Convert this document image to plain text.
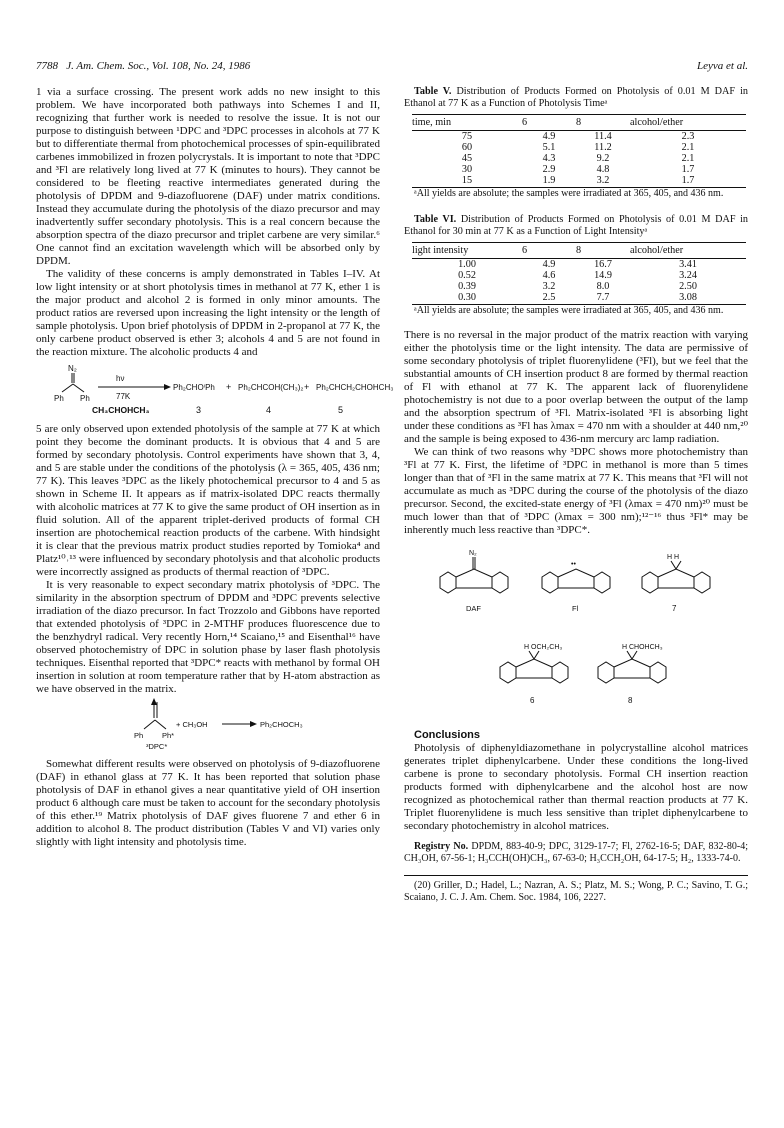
7788 J. Am. Chem. Soc., Vol. 108, No. 24, 1986	Leyva et al.

1 via a surface crossing. The present work adds no new insight to this problem. We have incorporated both pathways into Schemes I and II, recognizing that further work is needed to resolve the issue. It is not our purpose to distinguish between ¹DPC and ³DPC processes in alcohols at 77 K but to differentiate thermal from photochemical processes of spin-equilibrated carbenes immobilized in frozen polycrystals. It is important to note that ³DPC and ³Fl are relatively long lived at 77 K (minutes to hours). They cannot be considered to be fleeting reactive intermediates generated during the photolysis of DPDM and 9-diazofluorene (DAF) under matrix conditions. Instead they accumulate during the photolysis of the diazo precursor and may inadvertently suffer secondary photolysis. This is a real concern because the absorption spectra of the diazo precursor and triplet carbene are very similar.⁶ One cannot find an excitation wavelength which will be absorbed only by DPDM.

The validity of these concerns is amply demonstrated in Tables I–IV. At low light intensity or at short photolysis times in methanol at 77 K, ether 1 is the major product and alcohol 2 is formed in only minor amounts. The product ratios are reversed upon increasing the light intensity or the length of sample photolysis. Upon brief photolysis of DPDM in 2-propanol at 77 K, the only carbene product observed is ether 3; alcohols 4 and 5 are not found in the reaction mixture. The alcoholic products 4 and

N₂
Ph Ph
hν
77K
CH₃CHOHCH₃
Ph₂CHOⁱPh + Ph₂CHCOH(CH₃)₂ + Ph₂CHCH₂CHOHCH₃
3	4	5

5 are only observed upon extended photolysis of the sample at 77 K at which point they become the dominant products. It is obvious that 4 and 5 are formed by secondary photolysis. Control experiments have shown that 3, 4, and 5 are stable under the conditions of the photolysis (λ = 365, 405, 436 nm; 77 K). This leaves ³DPC as the likely photochemical precursor to 4 and 5 as shown in Scheme II. It appears as if matrix-isolated DPC reacts thermally with alcoholic matrices at 77 K to give the same product of OH insertion as in fluid solution. All of the apparent triplet-derived products of formal CH insertion are photochemical reaction products of the carbene. With hindsight it is clear that the previous matrix product studies reported by Tomioka⁴ and Platz¹⁰˒¹³ were influenced by secondary photolysis and that alcoholic products were incorrectly assigned as products of thermal reaction of ³DPC.

It is very reasonable to expect secondary matrix photolysis of ³DPC. The similarity in the absorption spectrum of DPDM and ³DPC prevents selective irradiation of the diazo precursor. In fact Trozzolo and Gibbons have reported that extended photolysis of ³DPC in 2-MTHF produces fluorescence due to the benzhydryl radical. Very recently Horn,¹⁴ Scaiano,¹⁵ and Eisenthal¹⁶ have observed photochemistry of DPC in solution phase by laser flash photolysis techniques. Eisenthal reported that ³DPC* reacts with methanol by formal OH insertion in solution at room temperature rather that by H-atom abstraction as we have observed in the matrix.

Ph	Ph*
+ CH₃OH	Ph₂CHOCH₃
³DPC*

Somewhat different results were observed on photolysis of 9-diazofluorene (DAF) in ethanol glass at 77 K. It has been reported that solution phase photolysis of DAF in ethanol gives a near quantitative yield of OH insertion product 6 although care must be taken to account for the secondary photolysis of this ether.¹⁹ Matrix photolysis of DAF gives fluorene 7 and ether 6 in addition to alcohol 8. The product distribution (Tables V and VI) varies only slightly with light intensity and photolysis time.

Table V. Distribution of Products Formed on Photolysis of 0.01 M DAF in Ethanol at 77 K as a Function of Photolysis Timeᵃ

time, min	6	8	alcohol/ether
75	4.9	11.4	2.3
60	5.1	11.2	2.1
45	4.3	9.2	2.1
30	2.9	4.8	1.7
15	1.9	3.2	1.7

ᵃAll yields are absolute; the samples were irradiated at 365, 405, and 436 nm.

Table VI. Distribution of Products Formed on Photolysis of 0.01 M DAF in Ethanol for 30 min at 77 K as a Function of Light Intensityᵃ

light intensity	6	8	alcohol/ether
1.00	4.9	16.7	3.41
0.52	4.6	14.9	3.24
0.39	3.2	8.0	2.50
0.30	2.5	7.7	3.08

ᵃAll yields are absolute; the samples were irradiated at 365, 405, and 436 nm.

There is no reversal in the major product of the matrix reaction with varying either the photolysis time or the light intensity. The data are permissive of some secondary photolysis of triplet fluorenylidene (³Fl), but we feel that the substantial amounts of CH insertion product 8 are formed by thermal reaction of Fl with ethanol at 77 K. The apparent lack of fluorenylidene photochemistry is not due to a poor overlap between the output of the lamp and the absorption spectrum of ³Fl. Matrix-isolated ³Fl is absorbing light under these conditions as ³Fl has λmax = 470 nm with a shoulder at 440 nm,²⁰ and the sample is being exposed to 436-nm mercury arc lamp radiation.

We can think of two reasons why ³DPC shows more photochemistry than ³Fl at 77 K. First, the lifetime of ³DPC in methanol is more than 5 times longer than that of ³Fl in the same matrix at 77 K. This means that ³Fl will not accumulate as much as ³DPC during the course of the photolysis of the diazo precursor. Second, the excited-state energy of ³Fl (λmax = 470 nm)²⁰ must be much lower than that of ³DPC (λmax = 300 nm);¹²⁻¹⁶ thus ³Fl* may be inherently much less reactive than ³DPC*.

N₂
DAF
••
Fl
H H
7
H OCH₂CH₃
6
H CHOHCH₃
8

Conclusions

Photolysis of diphenyldiazomethane in polycrystalline alcohol matrices generates triplet diphenylcarbene. Under these conditions the long-lived carbene is prone to secondary photolysis. Formal CH insertion reaction products formed with diphenylcarbene and the alcohol host are now recognized as photochemical rather than thermal reaction products at 77 K. Triplet fluorenylidene is much less sensitive than triplet diphenylcarbene to secondary photochemistry in alcohol matrices.

Registry No. DPDM, 883-40-9; DPC, 3129-17-7; Fl, 2762-16-5; DAF, 832-80-4; CH₃OH, 67-56-1; H₃CCH(OH)CH₃, 67-63-0; H₃CCH₂OH, 64-17-5; H₂, 1333-74-0.

(20) Griller, D.; Hadel, L.; Nazran, A. S.; Platz, M. S.; Wong, P. C.; Savino, T. G.; Scaiano, J. C. J. Am. Chem. Soc. 1984, 106, 2227.
